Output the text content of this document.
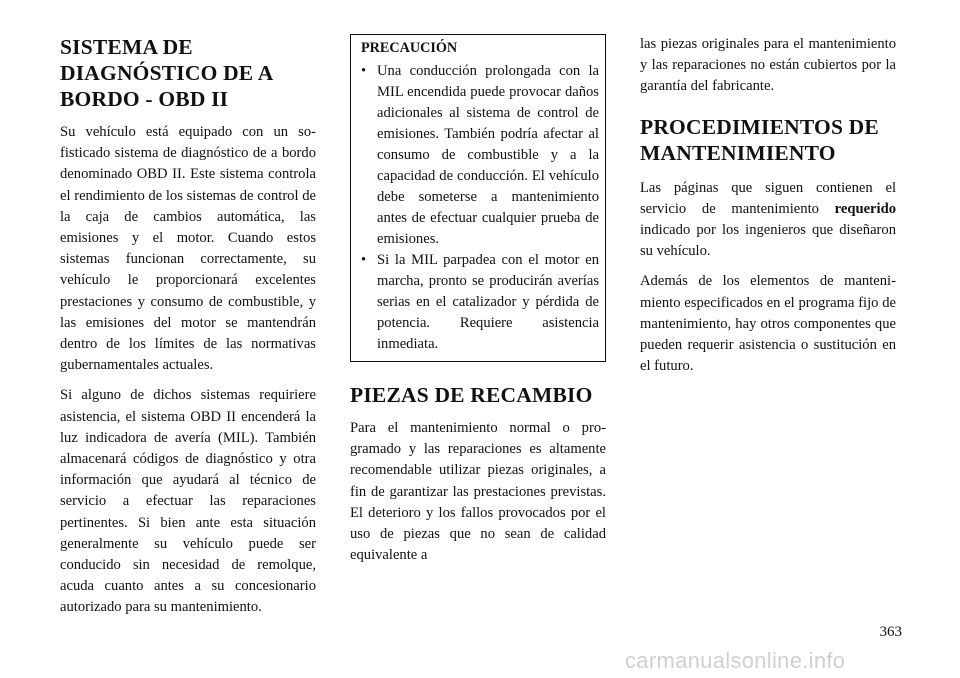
SISTEMA DE
DIAGNÓSTICO DE A
BORDO - OBD II

Su vehículo está equipado con un sofisticado sistema de diagnóstico de a bordo denominado OBD II. Este sistema controla el rendimiento de los sistemas de control de la caja de cambios automática, las emisiones y el motor. Cuando estos sistemas funcionan correctamente, su vehículo le proporcionará excelentes prestaciones y consumo de combustible, y las emisiones del motor se mantendrán dentro de los límites de las normativas gubernamentales actuales.

Si alguno de dichos sistemas requiriere asistencia, el sistema OBD II encenderá la luz indicadora de avería (MIL). También almacenará códigos de diagnóstico y otra información que ayudará al técnico de servicio a efectuar las reparaciones pertinentes. Si bien ante esta situación generalmente su vehículo puede ser conducido sin necesidad de remolque, acuda cuanto antes a su concesionario autorizado para su mantenimiento.

PRECAUCIÓN
• Una conducción prolongada con la MIL encendida puede provocar daños adicionales al sistema de control de emisiones. También podría afectar al consumo de combustible y a la capacidad de conducción. El vehículo debe someterse a mantenimiento antes de efectuar cualquier prueba de emisiones.
• Si la MIL parpadea con el motor en marcha, pronto se producirán averías serias en el catalizador y pérdida de potencia. Requiere asistencia inmediata.
PIEZAS DE RECAMBIO

Para el mantenimiento normal o programado y las reparaciones es altamente recomendable utilizar piezas originales, a fin de garantizar las prestaciones previstas. El deterioro y los fallos provocados por el uso de piezas que no sean de calidad equivalente a

las piezas originales para el mantenimiento y las reparaciones no están cubiertos por la garantía del fabricante.

PROCEDIMIENTOS DE
MANTENIMIENTO

Las páginas que siguen contienen el servicio de mantenimiento requerido indicado por los ingenieros que diseñaron su vehículo.

Además de los elementos de mantenimiento especificados en el programa fijo de mantenimiento, hay otros componentes que pueden requerir asistencia o sustitución en el futuro.

363
carmanualsonline.info
